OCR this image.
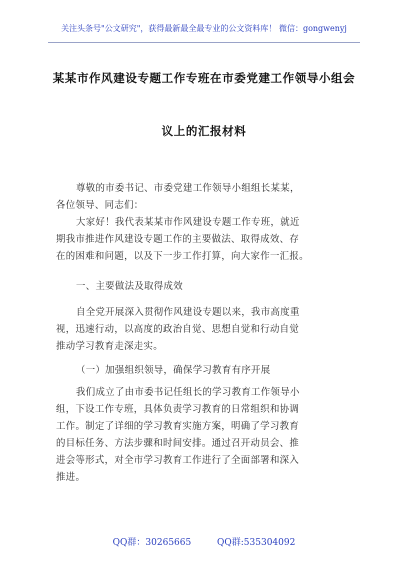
关注头条号"公文研究"，获得最新最全最专业的公文资料库！ 微信：gongwenyj
某某市作风建设专题工作专班在市委党建工作领导小组会
议上的汇报材料
尊敬的市委书记、市委党建工作领导小组组长某某，
各位领导、同志们：
大家好！我代表某某市作风建设专题工作专班，就近
期我市推进作风建设专题工作的主要做法、取得成效、存
在的困难和问题，以及下一步工作打算，向大家作一汇报。
一、主要做法及取得成效
自全党开展深入贯彻作风建设专题以来，我市高度重
视，迅速行动，以高度的政治自觉、思想自觉和行动自觉
推动学习教育走深走实。
（一）加强组织领导，确保学习教育有序开展
我们成立了由市委书记任组长的学习教育工作领导小
组，下设工作专班，具体负责学习教育的日常组织和协调
工作。制定了详细的学习教育实施方案，明确了学习教育
的目标任务、方法步骤和时间安排。通过召开动员会、推
进会等形式，对全市学习教育工作进行了全面部署和深入
推进。
QQ群：30265665	QQ群:535304092
